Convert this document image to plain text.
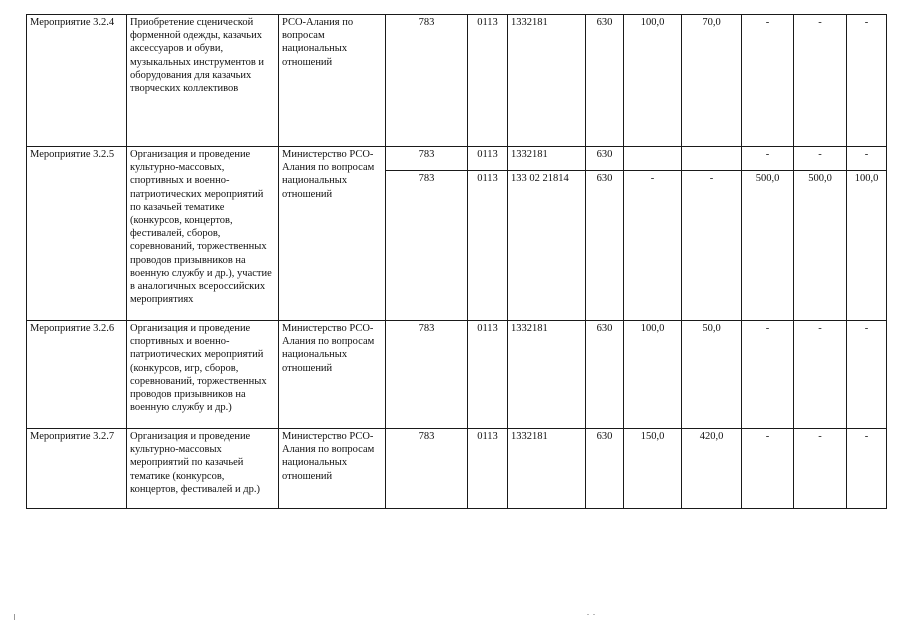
Мероприятие 3.2.4	Приобретение сценической форменной одежды, казачьих аксессуаров и обуви, музыкальных инструментов и оборудования для казачьих творческих коллективов	РСО-Алания по вопросам национальных отношений	783	0113	1332181	630	100,0	70,0	-	-	-
Мероприятие 3.2.5	Организация и проведение культурно-массовых, спортивных и военно-патриотических мероприятий по казачьей тематике (конкурсов, концертов, фестивалей, сборов, соревнований, торжественных проводов призывников на военную службу и др.), участие в аналогичных всероссийских мероприятиях	Министерство РСО-Алания по вопросам национальных отношений	783	0113	1332181	630			-	-	-
			783	0113	133 02 21814	630	-	-	500,0	500,0	100,0
Мероприятие 3.2.6	Организация и проведение спортивных и военно-патриотических мероприятий (конкурсов, игр, сборов, соревнований, торжественных проводов призывников на военную службу и др.)	Министерство РСО-Алания по вопросам национальных отношений	783	0113	1332181	630	100,0	50,0	-	-	-
Мероприятие 3.2.7	Организация и проведение культурно-массовых мероприятий по казачьей тематике (конкурсов, концертов, фестивалей и др.)	Министерство РСО-Алания по вопросам национальных отношений	783	0113	1332181	630	150,0	420,0	-	-	-
